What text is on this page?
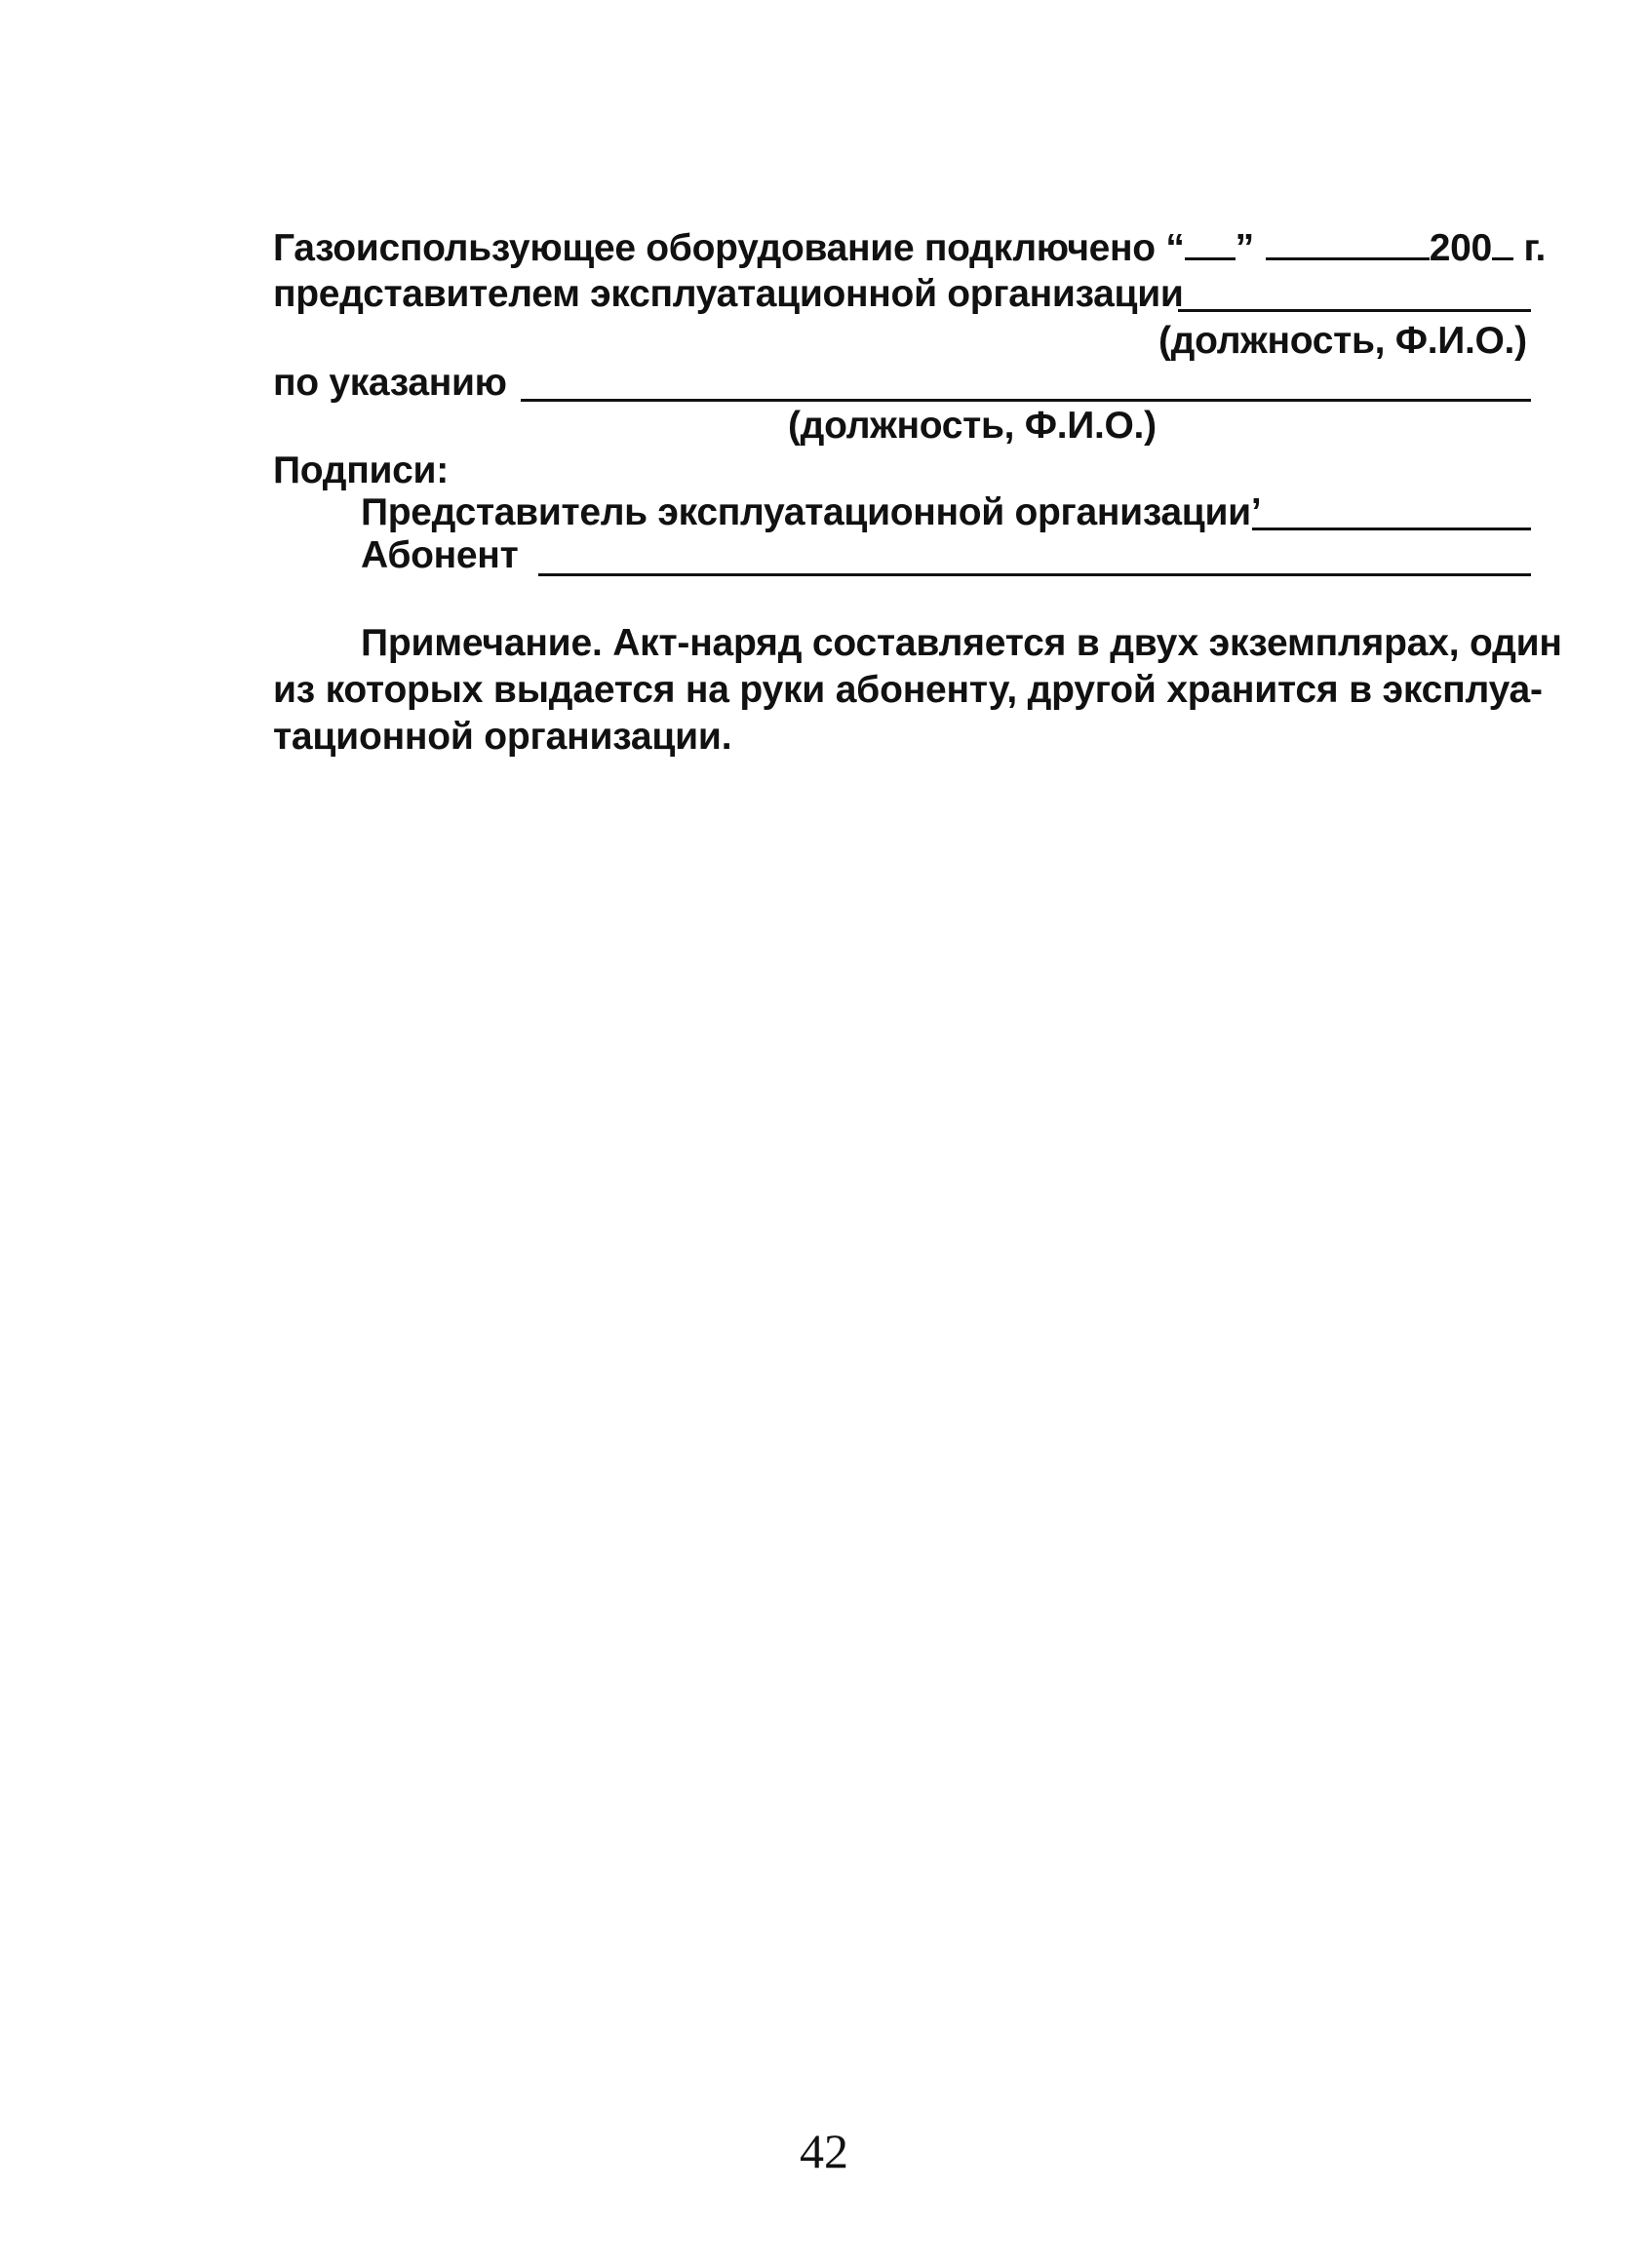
Газоиспользующее оборудование подключено “ ”	200 г.
представителем эксплуатационной организации
(должность, Ф.И.О.)
по указанию
(должность, Ф.И.О.)
Подписи:
Представитель эксплуатационной организации’
Абонент
Примечание. Акт-наряд составляется в двух экземплярах, один
из которых выдается на руки абоненту, другой хранится в эксплуа-
тационной организации.
42
